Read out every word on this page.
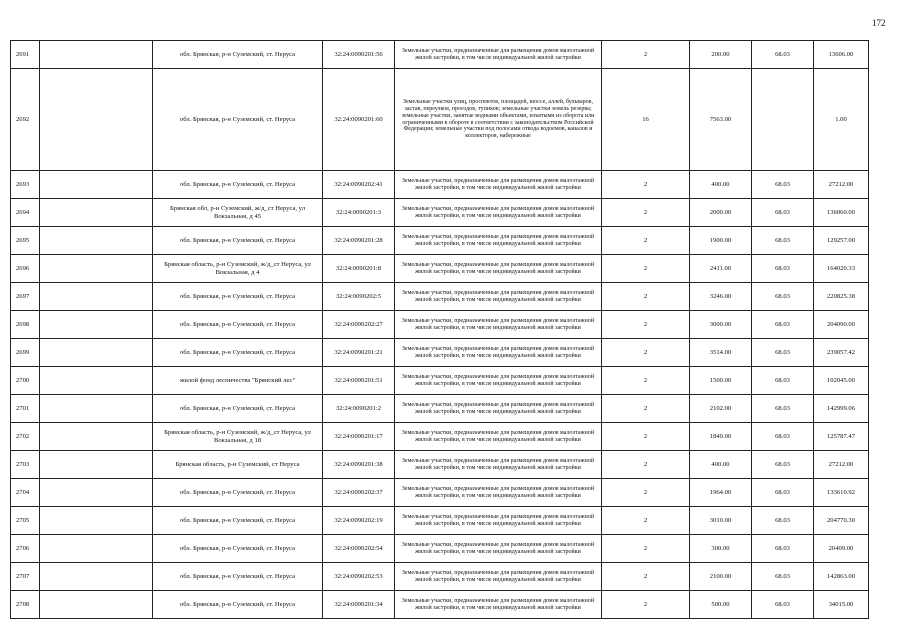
172
2691		обл. Брянская, р-н Суземский, ст. Неруса	32:24:0090201:56	Земельные участки, предназначенные для размещения домов малоэтажной жилой застройки, в том числе индивидуальной жилой застройки	2	200.00	68.03	13606.00
2692		обл. Брянская, р-н Суземский, ст. Неруса	32:24:0090201:60	Земельные участки улиц, проспектов, площадей, шоссе, аллей, бульваров, застав, переулков, проездов, тупиков; земельные участки земель резерва; земельные участки, занятые водными объектами, изъятыми из оборота или ограниченными в обороте в соответствии с законодательством Российской Федерации; земельные участки под полосами отвода водоемов, каналов и коллекторов, набережные	16	7563.00		1.00
2693		обл. Брянская, р-н Суземский, ст. Неруса	32:24:0090202:41	Земельные участки, предназначенные для размещения домов малоэтажной жилой застройки, в том числе индивидуальной жилой застройки	2	400.00	68.03	27212.00
2694		Брянская обл, р-н Суземский, ж/д_ст Неруса, ул Вокзальная, д 45	32:24:0090201:3	Земельные участки, предназначенные для размещения домов малоэтажной жилой застройки, в том числе индивидуальной жилой застройки	2	2000.00	68.03	136060.00
2695		обл. Брянская, р-н Суземский, ст. Неруса	32:24:0090201:28	Земельные участки, предназначенные для размещения домов малоэтажной жилой застройки, в том числе индивидуальной жилой застройки	2	1900.00	68.03	129257.00
2696		Брянская область, р-н Суземский, ж/д_ст Неруса, ул Вокзальная, д 4	32:24:0090201:8	Земельные участки, предназначенные для размещения домов малоэтажной жилой застройки, в том числе индивидуальной жилой застройки	2	2411.00	68.03	164020.33
2697		обл. Брянская, р-н Суземский, ст. Неруса	32:24:0090202:5	Земельные участки, предназначенные для размещения домов малоэтажной жилой застройки, в том числе индивидуальной жилой застройки	2	3246.00	68.03	220825.38
2698		обл. Брянская, р-н Суземский, ст. Неруса	32:24:0090202:27	Земельные участки, предназначенные для размещения домов малоэтажной жилой застройки, в том числе индивидуальной жилой застройки	2	3000.00	68.03	204090.00
2699		обл. Брянская, р-н Суземский, ст. Неруса	32:24:0090201:21	Земельные участки, предназначенные для размещения домов малоэтажной жилой застройки, в том числе индивидуальной жилой застройки	2	3514.00	68.03	239057.42
2700		жилой фонд лесничества "Брянский лес"	32:24:0090201:51	Земельные участки, предназначенные для размещения домов малоэтажной жилой застройки, в том числе индивидуальной жилой застройки	2	1500.00	68.03	102045.00
2701		обл. Брянская, р-н Суземский, ст. Неруса	32:24:0090201:2	Земельные участки, предназначенные для размещения домов малоэтажной жилой застройки, в том числе индивидуальной жилой застройки	2	2102.00	68.03	142999.06
2702		Брянская область, р-н Суземский, ж/д_ст Неруса, ул Вокзальная, д 18	32:24:0090201:17	Земельные участки, предназначенные для размещения домов малоэтажной жилой застройки, в том числе индивидуальной жилой застройки	2	1849.00	68.03	125787.47
2703		Брянская область, р-н Суземский, ст Неруса	32:24:0090201:38	Земельные участки, предназначенные для размещения домов малоэтажной жилой застройки, в том числе индивидуальной жилой застройки	2	400.00	68.03	27212.00
2704		обл. Брянская, р-н Суземский, ст. Неруса	32:24:0090202:37	Земельные участки, предназначенные для размещения домов малоэтажной жилой застройки, в том числе индивидуальной жилой застройки	2	1964.00	68.03	133610.92
2705		обл. Брянская, р-н Суземский, ст. Неруса	32:24:0090202:19	Земельные участки, предназначенные для размещения домов малоэтажной жилой застройки, в том числе индивидуальной жилой застройки	2	3010.00	68.03	204770.30
2706		обл. Брянская, р-н Суземский, ст. Неруса	32:24:0090202:54	Земельные участки, предназначенные для размещения домов малоэтажной жилой застройки, в том числе индивидуальной жилой застройки	2	300.00	68.03	20409.00
2707		обл. Брянская, р-н Суземский, ст. Неруса	32:24:0090202:53	Земельные участки, предназначенные для размещения домов малоэтажной жилой застройки, в том числе индивидуальной жилой застройки	2	2100.00	68.03	142863.00
2708		обл. Брянская, р-н Суземский, ст. Неруса	32:24:0090201:34	Земельные участки, предназначенные для размещения домов малоэтажной жилой застройки, в том числе индивидуальной жилой застройки	2	500.00	68.03	34015.00
